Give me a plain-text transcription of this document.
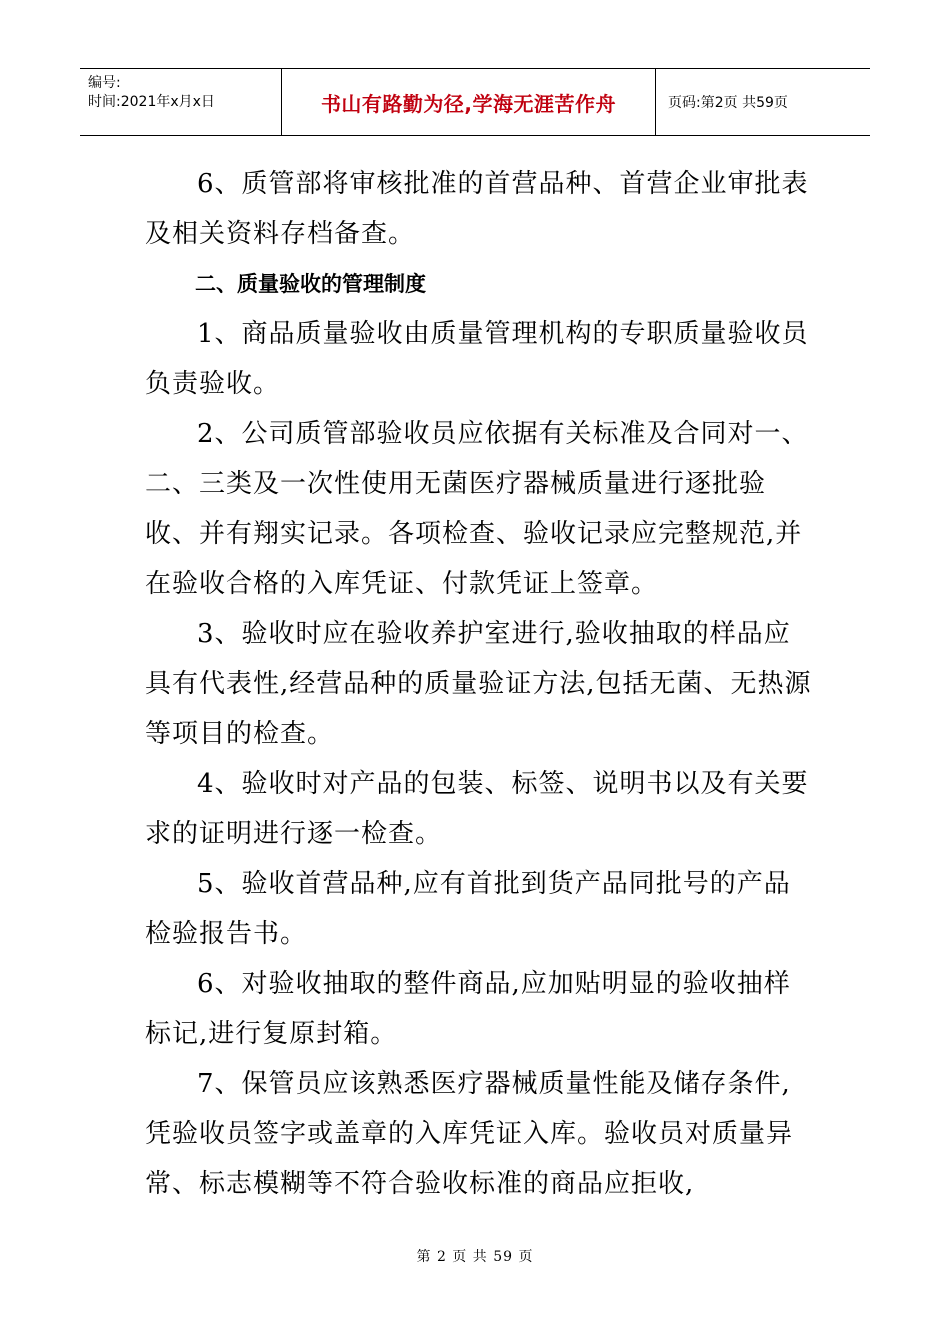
编号:
时间:2021年x月x日	书山有路勤为径,学海无涯苦作舟	页码:第2页 共59页

6、质管部将审核批准的首营品种、首营企业审批表及相关资料存档备查。

二、质量验收的管理制度

1、商品质量验收由质量管理机构的专职质量验收员负责验收。

2、公司质管部验收员应依据有关标准及合同对一、二、三类及一次性使用无菌医疗器械质量进行逐批验收、并有翔实记录。各项检查、验收记录应完整规范,并在验收合格的入库凭证、付款凭证上签章。

3、验收时应在验收养护室进行,验收抽取的样品应具有代表性,经营品种的质量验证方法,包括无菌、无热源等项目的检查。

4、验收时对产品的包装、标签、说明书以及有关要求的证明进行逐一检查。

5、验收首营品种,应有首批到货产品同批号的产品检验报告书。

6、对验收抽取的整件商品,应加贴明显的验收抽样标记,进行复原封箱。

7、保管员应该熟悉医疗器械质量性能及储存条件,凭验收员签字或盖章的入库凭证入库。验收员对质量异常、标志模糊等不符合验收标准的商品应拒收,

第 2 页 共 59 页
